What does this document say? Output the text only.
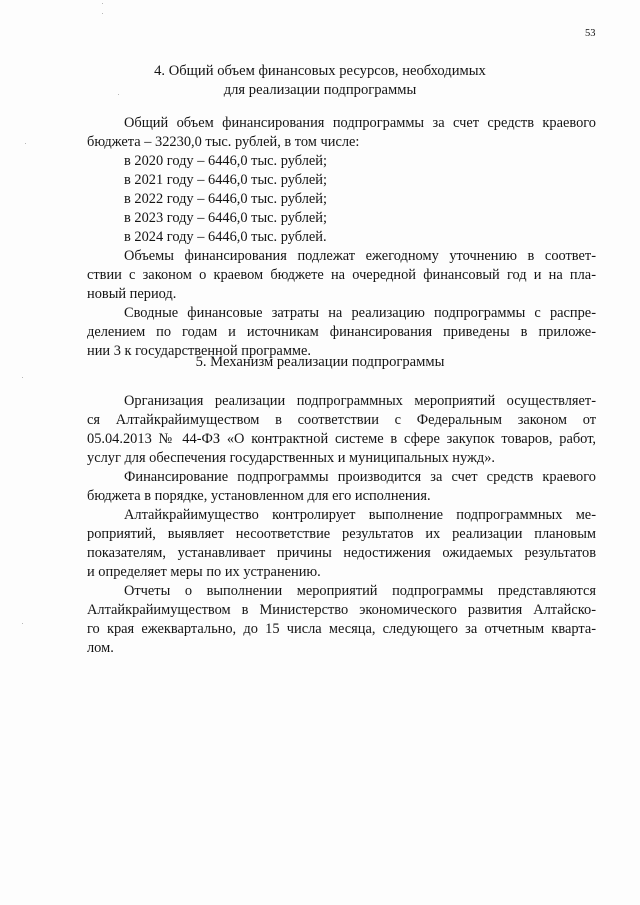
53
4. Общий объем финансовых ресурсов, необходимых
для реализации подпрограммы
Общий объем финансирования подпрограммы за счет средств краевого
бюджета – 32230,0 тыс. рублей, в том числе:
в 2020 году – 6446,0 тыс. рублей;
в 2021 году – 6446,0 тыс. рублей;
в 2022 году – 6446,0 тыс. рублей;
в 2023 году – 6446,0 тыс. рублей;
в 2024 году – 6446,0 тыс. рублей.
Объемы финансирования подлежат ежегодному уточнению в соответ-
ствии с законом о краевом бюджете на очередной финансовый год и на пла-
новый период.
Сводные финансовые затраты на реализацию подпрограммы с распре-
делением по годам и источникам финансирования приведены в приложе-
нии 3 к государственной программе.
5. Механизм реализации подпрограммы
Организация реализации подпрограммных мероприятий осуществляет-
ся Алтайкрайимуществом в соответствии с Федеральным законом от
05.04.2013 № 44-ФЗ «О контрактной системе в сфере закупок товаров, работ,
услуг для обеспечения государственных и муниципальных нужд».
Финансирование подпрограммы производится за счет средств краевого
бюджета в порядке, установленном для его исполнения.
Алтайкрайимущество контролирует выполнение подпрограммных ме-
роприятий, выявляет несоответствие результатов их реализации плановым
показателям, устанавливает причины недостижения ожидаемых результатов
и определяет меры по их устранению.
Отчеты о выполнении мероприятий подпрограммы представляются
Алтайкрайимуществом в Министерство экономического развития Алтайско-
го края ежеквартально, до 15 числа месяца, следующего за отчетным кварта-
лом.
